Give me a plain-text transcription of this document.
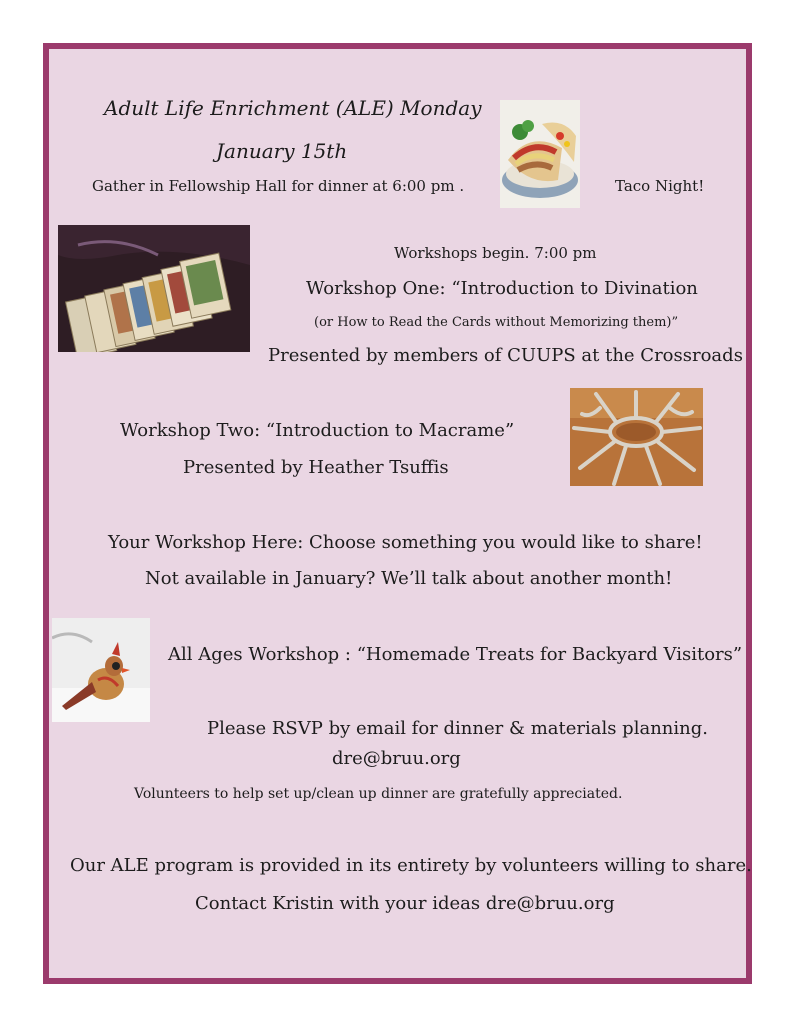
Adult Life Enrichment (ALE) Monday
January 15th
Gather in Fellowship Hall for dinner at 6:00 pm .	Taco Night!
Workshops begin. 7:00 pm
Workshop One: “Introduction to Divination
(or How to Read the Cards without Memorizing them)”
Presented by members of CUUPS at the Crossroads
Workshop Two: “Introduction to Macrame”
Presented by Heather Tsuffis
Your Workshop Here: Choose something you would like to share!
Not available in January? We’ll talk about another month!
All Ages Workshop : “Homemade Treats for Backyard Visitors”
Please RSVP by email for dinner & materials planning.
dre@bruu.org
Volunteers to help set up/clean up dinner are gratefully appreciated.
Our ALE program is provided in its entirety by volunteers willing to share.
Contact Kristin with your ideas dre@bruu.org
